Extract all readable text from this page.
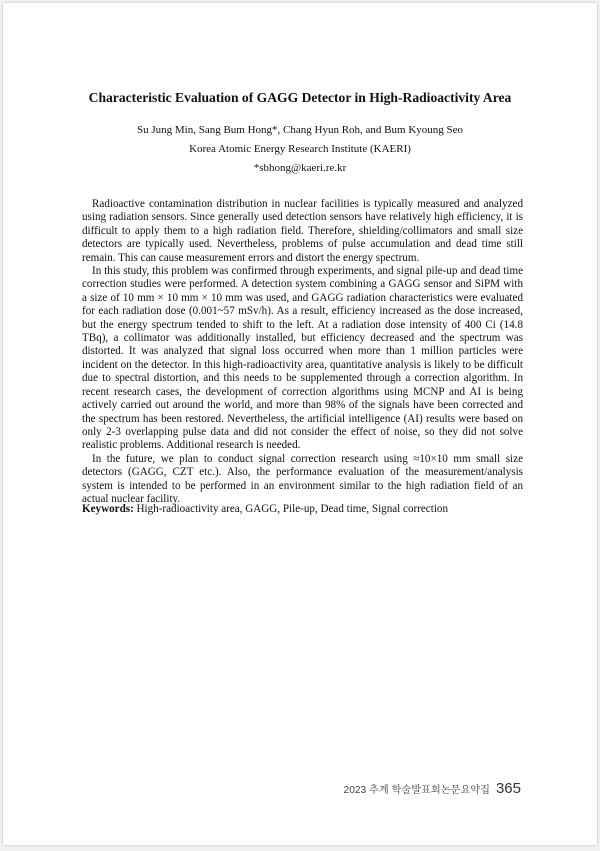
Characteristic Evaluation of GAGG Detector in High-Radioactivity Area
Su Jung Min, Sang Bum Hong*, Chang Hyun Roh, and Bum Kyoung Seo
Korea Atomic Energy Research Institute (KAERI)
*sbhong@kaeri.re.kr

Radioactive contamination distribution in nuclear facilities is typically measured and analyzed using radiation sensors. Since generally used detection sensors have relatively high efficiency, it is difficult to apply them to a high radiation field. Therefore, shielding/collimators and small size detectors are typically used. Nevertheless, problems of pulse accumulation and dead time still remain. This can cause measurement errors and distort the energy spectrum.

In this study, this problem was confirmed through experiments, and signal pile-up and dead time correction studies were performed. A detection system combining a GAGG sensor and SiPM with a size of 10 mm × 10 mm × 10 mm was used, and GAGG radiation characteristics were evaluated for each radiation dose (0.001~57 mSv/h). As a result, efficiency increased as the dose increased, but the energy spectrum tended to shift to the left. At a radiation dose intensity of 400 Ci (14.8 TBq), a collimator was additionally installed, but efficiency decreased and the spectrum was distorted. It was analyzed that signal loss occurred when more than 1 million particles were incident on the detector. In this high-radioactivity area, quantitative analysis is likely to be difficult due to spectral distortion, and this needs to be supplemented through a correction algorithm. In recent research cases, the development of correction algorithms using MCNP and AI is being actively carried out around the world, and more than 98% of the signals have been corrected and the spectrum has been restored. Nevertheless, the artificial intelligence (AI) results were based on only 2-3 overlapping pulse data and did not consider the effect of noise, so they did not solve realistic problems. Additional research is needed.

In the future, we plan to conduct signal correction research using ≈10×10 mm small size detectors (GAGG, CZT etc.). Also, the performance evaluation of the measurement/analysis system is intended to be performed in an environment similar to the high radiation field of an actual nuclear facility.

Keywords: High-radioactivity area, GAGG, Pile-up, Dead time, Signal correction
2023 추계 학술발표회논문요약집 365
